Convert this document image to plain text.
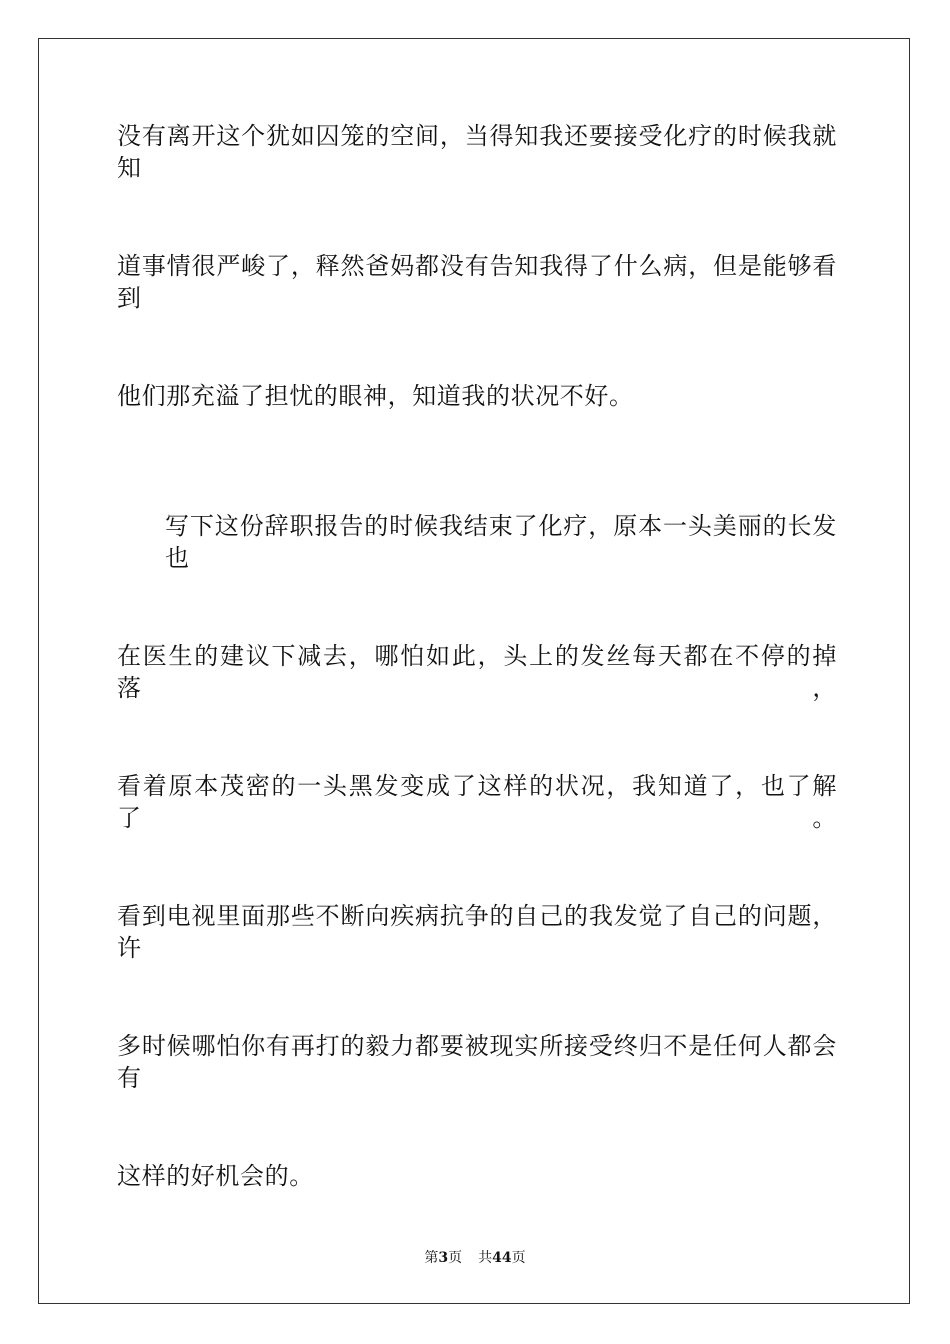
没有离开这个犹如囚笼的空间，当得知我还要接受化疗的时候我就知
道事情很严峻了，释然爸妈都没有告知我得了什么病，但是能够看到
他们那充溢了担忧的眼神，知道我的状况不好。
写下这份辞职报告的时候我结束了化疗，原本一头美丽的长发也
在医生的建议下减去，哪怕如此，头上的发丝每天都在不停的掉落，
看着原本茂密的一头黑发变成了这样的状况，我知道了，也了解了。
看到电视里面那些不断向疾病抗争的自己的我发觉了自己的问题，许
多时候哪怕你有再打的毅力都要被现实所接受终归不是任何人都会有
这样的好机会的。
第3页 共44页
